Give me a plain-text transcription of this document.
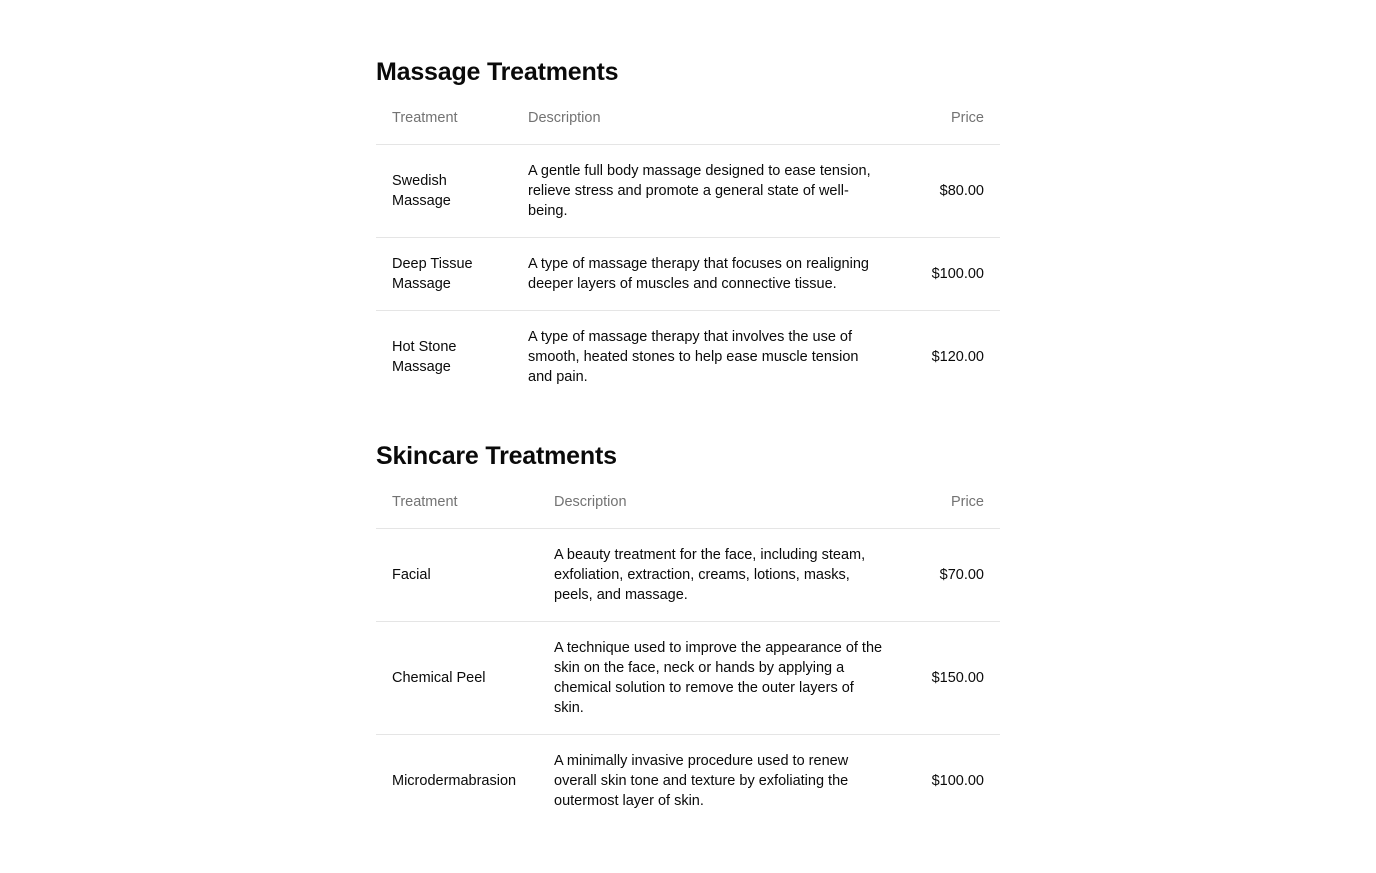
Massage Treatments
Treatment	Description	Price
Swedish Massage	A gentle full body massage designed to ease tension, relieve stress and promote a general state of well-being.	$80.00
Deep Tissue Massage	A type of massage therapy that focuses on realigning deeper layers of muscles and connective tissue.	$100.00
Hot Stone Massage	A type of massage therapy that involves the use of smooth, heated stones to help ease muscle tension and pain.	$120.00
Skincare Treatments
Treatment	Description	Price
Facial	A beauty treatment for the face, including steam, exfoliation, extraction, creams, lotions, masks, peels, and massage.	$70.00
Chemical Peel	A technique used to improve the appearance of the skin on the face, neck or hands by applying a chemical solution to remove the outer layers of skin.	$150.00
Microdermabrasion	A minimally invasive procedure used to renew overall skin tone and texture by exfoliating the outermost layer of skin.	$100.00
